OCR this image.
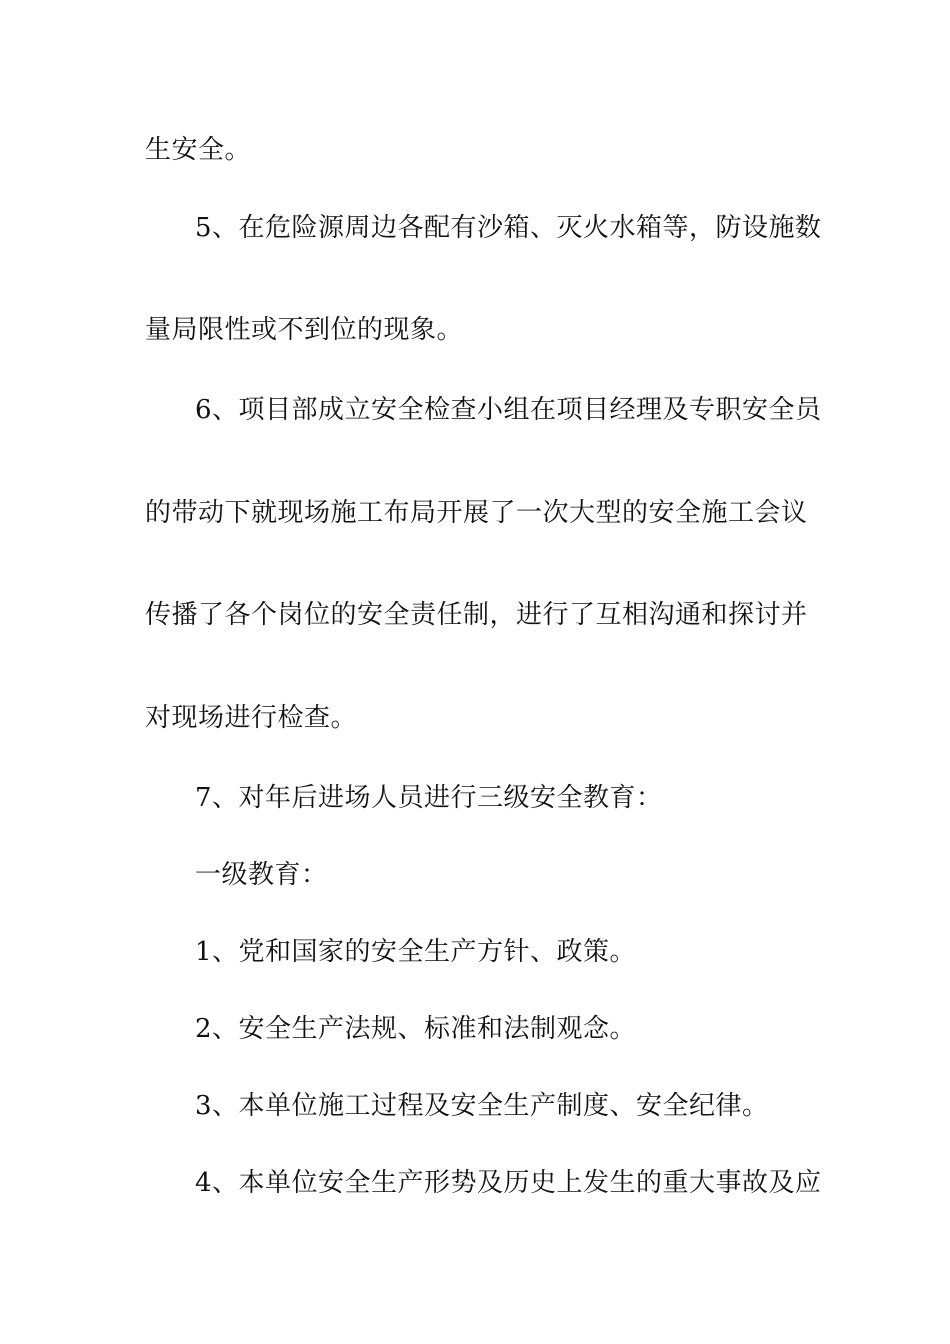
生安全。
5、在危险源周边各配有沙箱、灭火水箱等，防设施数
量局限性或不到位的现象。
6、项目部成立安全检查小组在项目经理及专职安全员
的带动下就现场施工布局开展了一次大型的安全施工会议
传播了各个岗位的安全责任制，进行了互相沟通和探讨并
对现场进行检查。
7、对年后进场人员进行三级安全教育：
一级教育：
1、党和国家的安全生产方针、政策。
2、安全生产法规、标准和法制观念。
3、本单位施工过程及安全生产制度、安全纪律。
4、本单位安全生产形势及历史上发生的重大事故及应
